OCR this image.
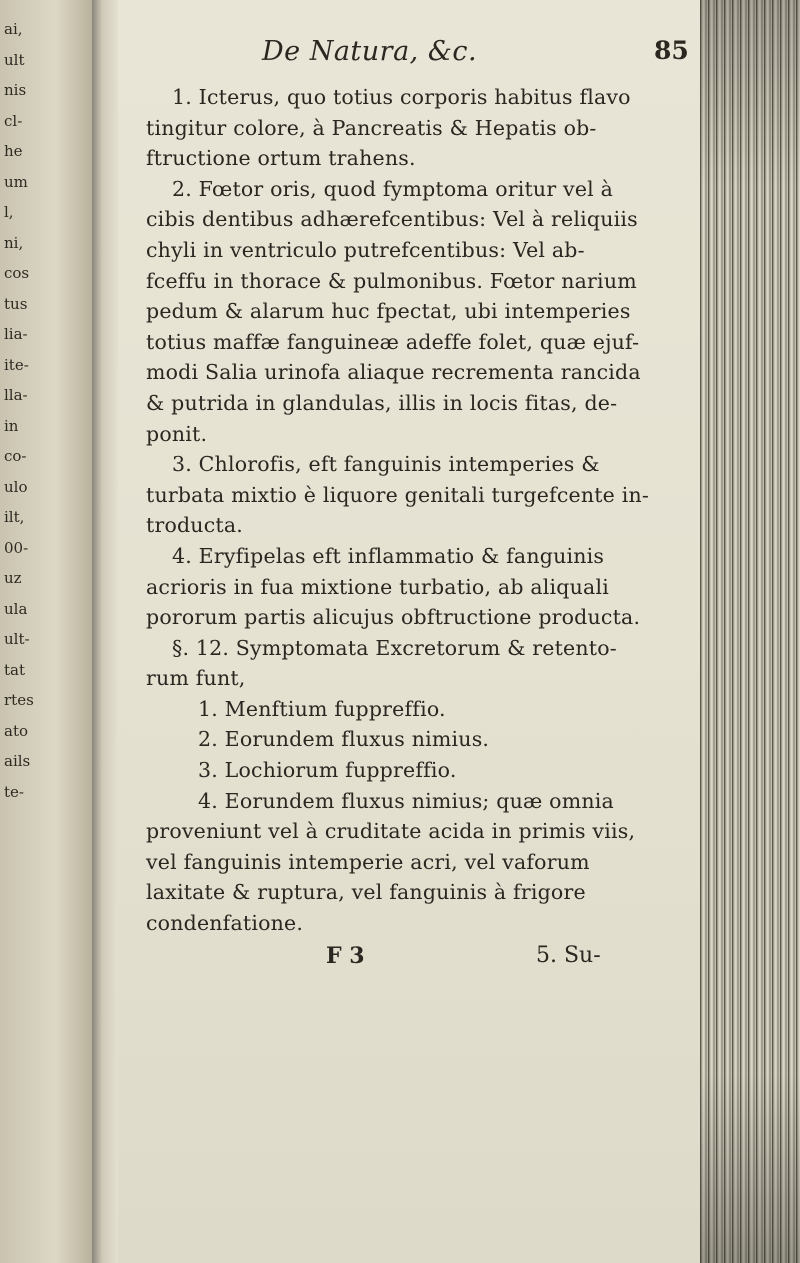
ai,
ult
nis
cl-
he
um
l,
ni,
cos
tus
lia-
ite-
lla-
in
co-
ulo
ilt,
00-
uz
ula
ult-
tat
rtes
ato
ails
te-
De Natura, &c.	85
1. Icterus, quo totius corporis habitus flavo
tingitur colore, à Pancreatis & Hepatis ob-
ftructione ortum trahens.
2. Fœtor oris, quod fymptoma oritur vel à
cibis dentibus adhærefcentibus: Vel à reliquiis
chyli in ventriculo putrefcentibus: Vel ab-
fceffu in thorace & pulmonibus. Fœtor narium
pedum & alarum huc fpectat, ubi intemperies
totius maffæ fanguineæ adeffe folet, quæ ejuf-
modi Salia urinofa aliaque recrementa rancida
& putrida in glandulas, illis in locis fitas, de-
ponit.
3. Chlorofis, eft fanguinis intemperies &
turbata mixtio è liquore genitali turgefcente in-
troducta.
4. Eryfipelas eft inflammatio & fanguinis
acrioris in fua mixtione turbatio, ab aliquali
pororum partis alicujus obftructione producta.
§. 12. Symptomata Excretorum & retento-
rum funt,
1. Menftium fuppreffio.
2. Eorundem fluxus nimius.
3. Lochiorum fuppreffio.
4. Eorundem fluxus nimius; quæ omnia
proveniunt vel à cruditate acida in primis viis,
vel fanguinis intemperie acri, vel vaforum
laxitate & ruptura, vel fanguinis à frigore
condenfatione.
F 3	5. Su-
